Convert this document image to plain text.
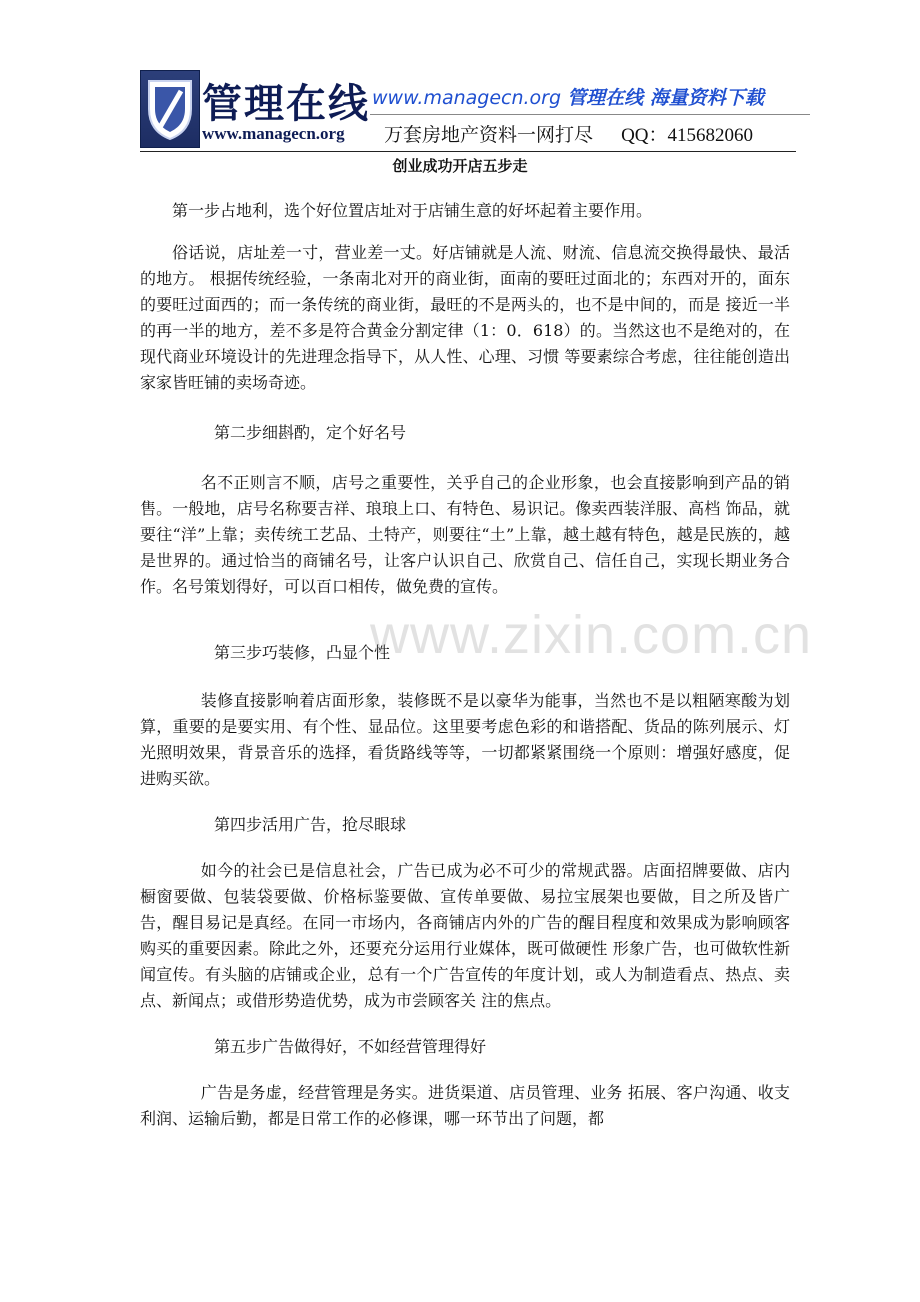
管理在线
www.managecn.org
www.managecn.org 管理在线 海量资料下载
万套房地产资料一网打尽 QQ：415682060
创业成功开店五步走

第一步占地利，选个好位置店址对于店铺生意的好坏起着主要作用。

俗话说，店址差一寸，营业差一丈。好店铺就是人流、财流、信息流交换得最快、最活的地方。 根据传统经验，一条南北对开的商业街，面南的要旺过面北的；东西对开的，面东的要旺过面西的；而一条传统的商业街，最旺的不是两头的，也不是中间的，而是 接近一半的再一半的地方，差不多是符合黄金分割定律（1：0．618）的。当然这也不是绝对的，在现代商业环境设计的先进理念指导下，从人性、心理、习惯 等要素综合考虑，往往能创造出家家皆旺铺的卖场奇迹。

第二步细斟酌，定个好名号

名不正则言不顺，店号之重要性，关乎自己的企业形象，也会直接影响到产品的销售。一般地，店号名称要吉祥、琅琅上口、有特色、易识记。像卖西装洋服、高档 饰品，就要往“洋”上靠；卖传统工艺品、土特产，则要往“土”上靠，越土越有特色，越是民族的，越是世界的。通过恰当的商铺名号，让客户认识自己、欣赏自己、信任自己，实现长期业务合作。名号策划得好，可以百口相传，做免费的宣传。

第三步巧装修，凸显个性

装修直接影响着店面形象，装修既不是以豪华为能事，当然也不是以粗陋寒酸为划算，重要的是要实用、有个性、显品位。这里要考虑色彩的和谐搭配、货品的陈列展示、灯光照明效果，背景音乐的选择，看货路线等等，一切都紧紧围绕一个原则：增强好感度，促进购买欲。

第四步活用广告，抢尽眼球

如今的社会已是信息社会，广告已成为必不可少的常规武器。店面招牌要做、店内橱窗要做、包装袋要做、价格标鉴要做、宣传单要做、易拉宝展架也要做，目之所及皆广告，醒目易记是真经。在同一市场内，各商铺店内外的广告的醒目程度和效果成为影响顾客购买的重要因素。除此之外，还要充分运用行业媒体，既可做硬性 形象广告，也可做软性新闻宣传。有头脑的店铺或企业，总有一个广告宣传的年度计划，或人为制造看点、热点、卖点、新闻点；或借形势造优势，成为市尝顾客关 注的焦点。

第五步广告做得好，不如经营管理得好

广告是务虚，经营管理是务实。进货渠道、店员管理、业务 拓展、客户沟通、收支利润、运输后勤，都是日常工作的必修课，哪一环节出了问题，都

www.zixin.com.cn
